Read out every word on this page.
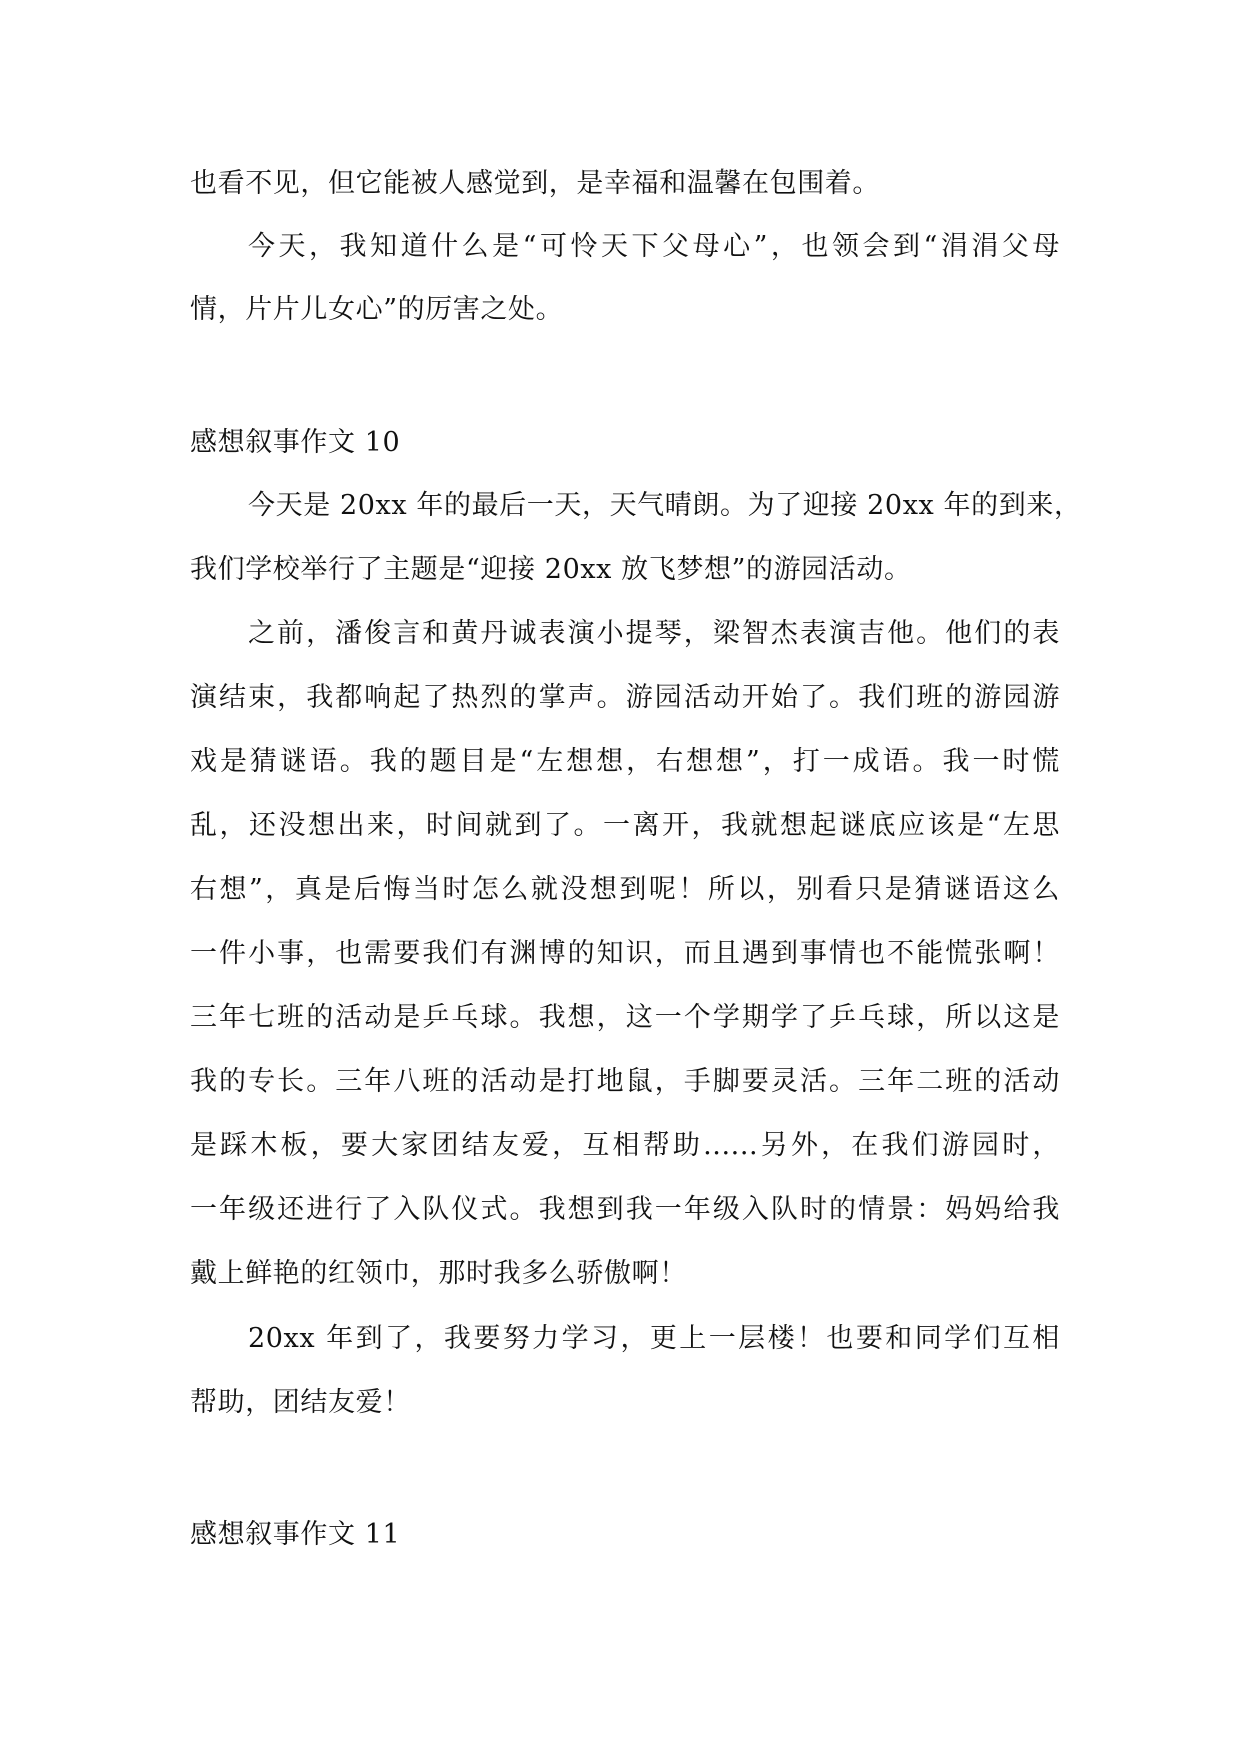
也看不见，但它能被人感觉到，是幸福和温馨在包围着。
今天，我知道什么是“可怜天下父母心”，也领会到“涓涓父母
情，片片儿女心”的厉害之处。
感想叙事作文 10
今天是 20xx 年的最后一天，天气晴朗。为了迎接 20xx 年的到来，
我们学校举行了主题是“迎接 20xx 放飞梦想”的游园活动。
之前，潘俊言和黄丹诚表演小提琴，梁智杰表演吉他。他们的表
演结束，我都响起了热烈的掌声。游园活动开始了。我们班的游园游
戏是猜谜语。我的题目是“左想想，右想想”，打一成语。我一时慌
乱，还没想出来，时间就到了。一离开，我就想起谜底应该是“左思
右想”，真是后悔当时怎么就没想到呢！所以，别看只是猜谜语这么
一件小事，也需要我们有渊博的知识，而且遇到事情也不能慌张啊！
三年七班的活动是乒乓球。我想，这一个学期学了乒乓球，所以这是
我的专长。三年八班的活动是打地鼠，手脚要灵活。三年二班的活动
是踩木板，要大家团结友爱，互相帮助......另外，在我们游园时，
一年级还进行了入队仪式。我想到我一年级入队时的情景：妈妈给我
戴上鲜艳的红领巾，那时我多么骄傲啊！
20xx 年到了，我要努力学习，更上一层楼！也要和同学们互相
帮助，团结友爱！
感想叙事作文 11
